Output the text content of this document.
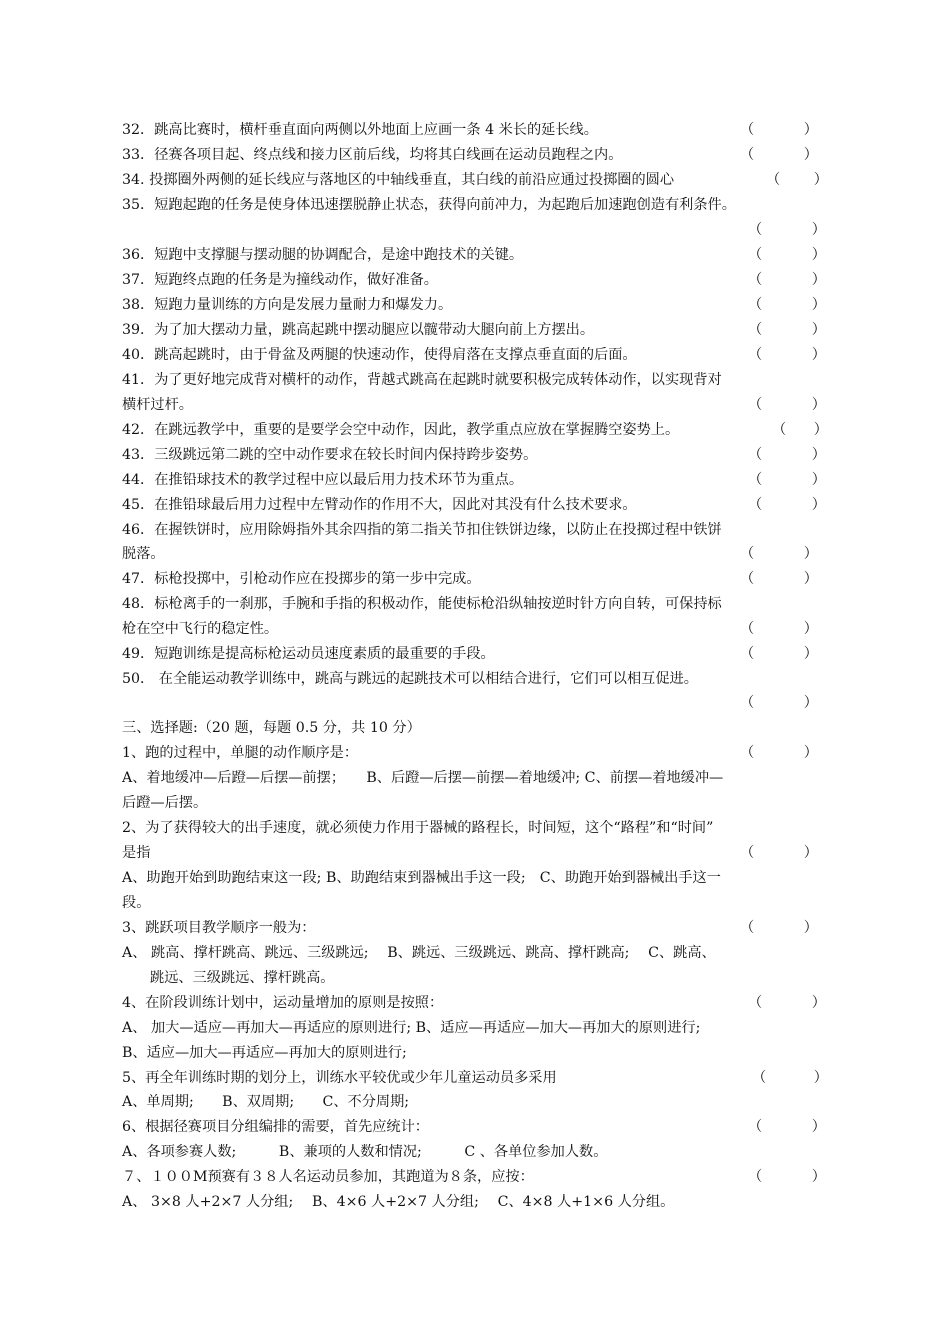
32．跳高比赛时，横杆垂直面向两侧以外地面上应画一条 4 米长的延长线。	（	）
33．径赛各项目起、终点线和接力区前后线，均将其白线画在运动员跑程之内。	（	）
34. 投掷圈外两侧的延长线应与落地区的中轴线垂直，其白线的前沿应通过投掷圈的圆心	（ ）
35．短跑起跑的任务是使身体迅速摆脱静止状态，获得向前冲力，为起跑后加速跑创造有利条件。
（	）
36．短跑中支撑腿与摆动腿的协调配合，是途中跑技术的关键。	（	）
37．短跑终点跑的任务是为撞线动作，做好准备。	（	）
38．短跑力量训练的方向是发展力量耐力和爆发力。	（	）
39．为了加大摆动力量，跳高起跳中摆动腿应以髋带动大腿向前上方摆出。	（	）
40．跳高起跳时，由于骨盆及两腿的快速动作，使得肩落在支撑点垂直面的后面。	（	）
41．为了更好地完成背对横杆的动作，背越式跳高在起跳时就要积极完成转体动作，以实现背对
横杆过杆。	（	）
42．在跳远教学中，重要的是要学会空中动作，因此，教学重点应放在掌握腾空姿势上。	（ ）
43．三级跳远第二跳的空中动作要求在较长时间内保持跨步姿势。	（	）
44．在推铅球技术的教学过程中应以最后用力技术环节为重点。	（	）
45．在推铅球最后用力过程中左臂动作的作用不大，因此对其没有什么技术要求。	（	）
46．在握铁饼时，应用除姆指外其余四指的第二指关节扣住铁饼边缘，以防止在投掷过程中铁饼
脱落。	（	）
47．标枪投掷中，引枪动作应在投掷步的第一步中完成。	（	）
48．标枪离手的一刹那，手腕和手指的积极动作，能使标枪沿纵轴按逆时针方向自转，可保持标
枪在空中飞行的稳定性。	（	）
49．短跑训练是提高标枪运动员速度素质的最重要的手段。	（	）
50． 在全能运动教学训练中，跳高与跳远的起跳技术可以相结合进行，它们可以相互促进。
（	）
三、选择题:（20 题，每题 0.5 分，共 10 分）
1、跑的过程中，单腿的动作顺序是：	（	）
A、着地缓冲—后蹬—后摆—前摆；　　B、后蹬—后摆—前摆—着地缓冲; C、前摆—着地缓冲—
后蹬—后摆。
2、为了获得较大的出手速度，就必须使力作用于器械的路程长，时间短，这个“路程”和“时间”
是指	（	）
A、助跑开始到助跑结束这一段; B、助跑结束到器械出手这一段;　C、助跑开始到器械出手这一
段。
3、跳跃项目教学顺序一般为：	（	）
A、 跳高、撑杆跳高、跳远、三级跳远;　 B、跳远、三级跳远、跳高、撑杆跳高;　 C、跳高、
跳远、三级跳远、撑杆跳高。
4、在阶段训练计划中，运动量增加的原则是按照：	（	）
A、 加大—适应—再加大—再适应的原则进行; B、适应—再适应—加大—再加大的原则进行;
B、适应—加大—再适应—再加大的原则进行;
5、再全年训练时期的划分上，训练水平较优或少年儿童运动员多采用	（	）
A、单周期;　　B、双周期;　　C、不分周期;
6、根据径赛项目分组编排的需要，首先应统计：	（	）
A、各项参赛人数;　　　B、兼项的人数和情况;　　　C 、各单位参加人数。
７、１００M预赛有３８人名运动员参加，其跑道为８条，应按：	（	）
A、 3×8 人+2×7 人分组;　 B、4×6 人+2×7 人分组;　 C、4×8 人+1×6 人分组。
